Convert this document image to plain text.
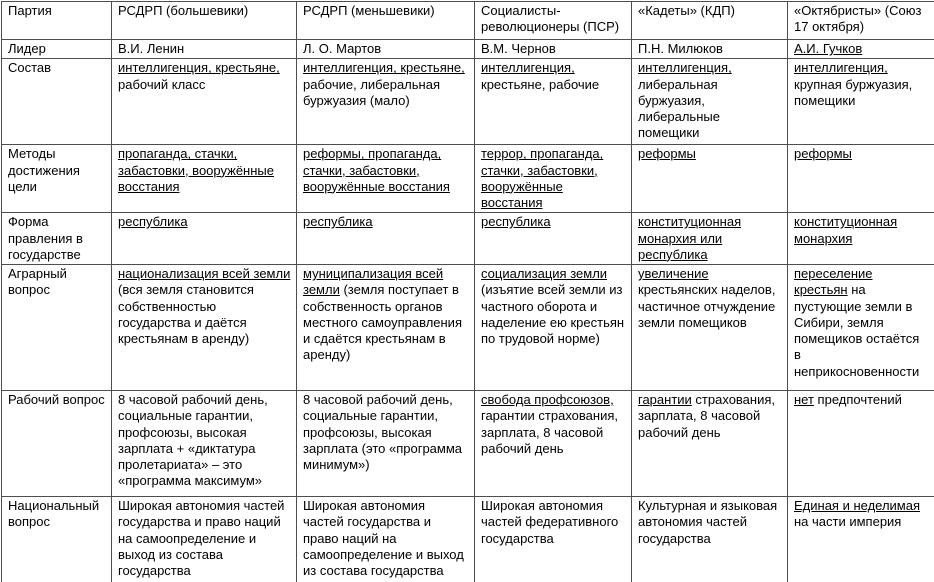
Партия	РСДРП (большевики)	РСДРП (меньшевики)	Социалисты-революционеры (ПСР)	«Кадеты» (КДП)	«Октябристы» (Союз 17 октября)
Лидер	В.И. Ленин	Л. О. Мартов	В.М. Чернов	П.Н. Милюков	А.И. Гучков
Состав	интеллигенция, крестьяне, рабочий класс	интеллигенция, крестьяне, рабочие, либеральная буржуазия (мало)	интеллигенция, крестьяне, рабочие	интеллигенция, либеральная буржуазия, либеральные помещики	интеллигенция, крупная буржуазия, помещики
Методы достижения цели	пропаганда, стачки, забастовки, вооружённые восстания	реформы, пропаганда, стачки, забастовки, вооружённые восстания	террор, пропаганда, стачки, забастовки, вооружённые восстания	реформы	реформы
Форма правления в государстве	республика	республика	республика	конституционная монархия или республика	конституционная монархия
Аграрный вопрос	национализация всей земли (вся земля становится собственностью государства и даётся крестьянам в аренду)	муниципализация всей земли (земля поступает в собственность органов местного самоуправления и сдаётся крестьянам в аренду)	социализация земли (изъятие всей земли из частного оборота и наделение ею крестьян по трудовой норме)	увеличение крестьянских наделов, частичное отчуждение земли помещиков	переселение крестьян на пустующие земли в Сибири, земля помещиков остаётся в неприкосновенности
Рабочий вопрос	8 часовой рабочий день, социальные гарантии, профсоюзы, высокая зарплата + «диктатура пролетариата» – это «программа максимум»	8 часовой рабочий день, социальные гарантии, профсоюзы, высокая зарплата (это «программа минимум»)	свобода профсоюзов, гарантии страхования, зарплата, 8 часовой рабочий день	гарантии страхования, зарплата, 8 часовой рабочий день	нет предпочтений
Национальный вопрос	Широкая автономия частей государства и право наций на самоопределение и выход из состава государства	Широкая автономия частей государства и право наций на самоопределение и выход из состава государства	Широкая автономия частей федеративного государства	Культурная и языковая автономия частей государства	Единая и неделимая на части империя
